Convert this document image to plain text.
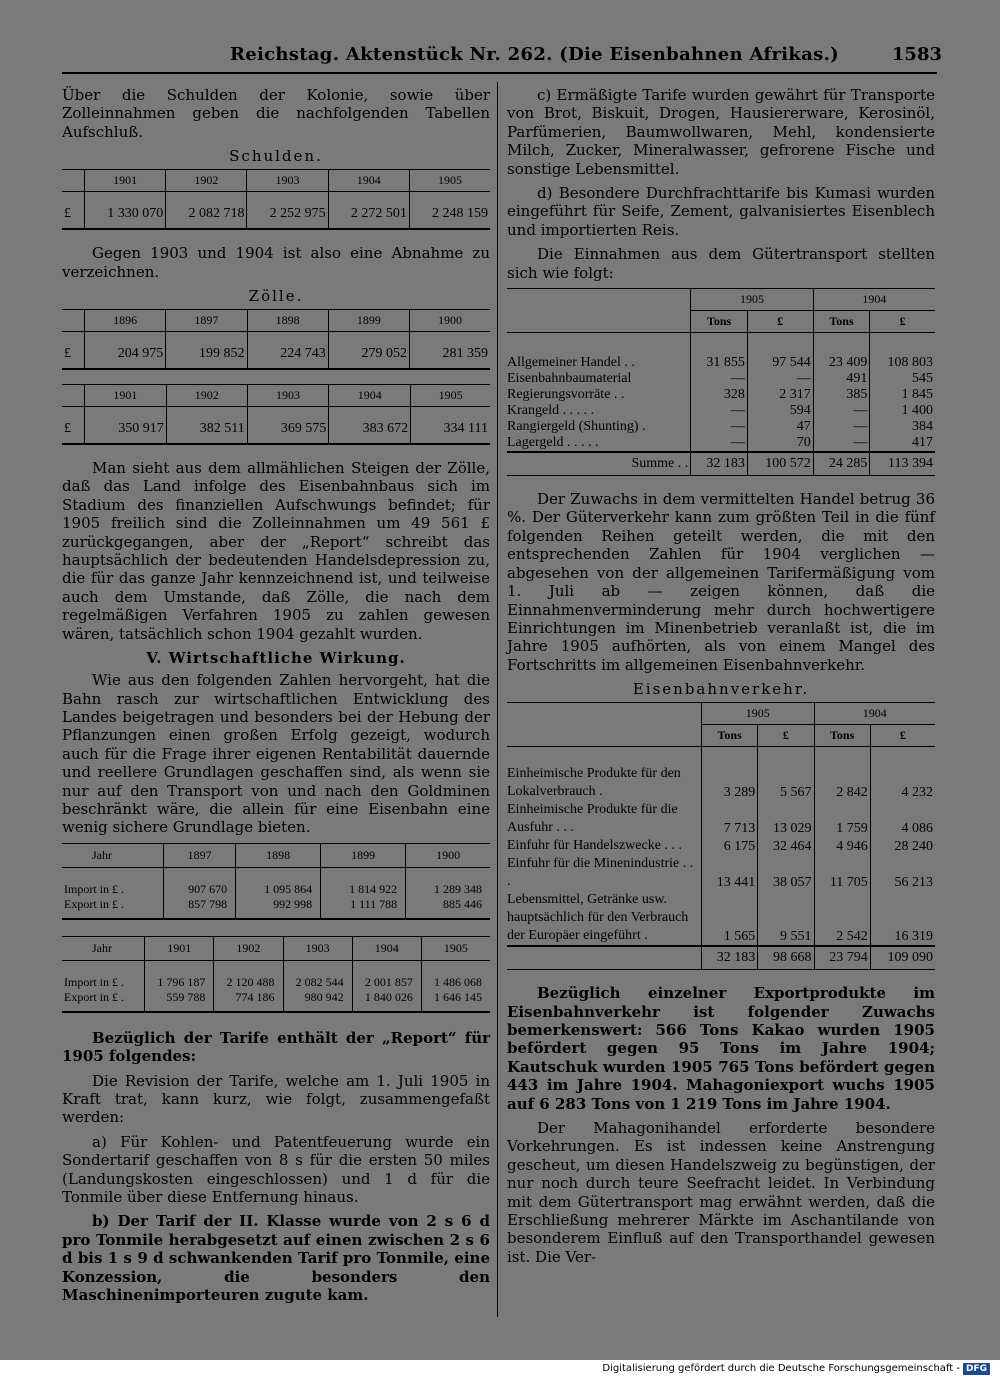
Reichstag. Aktenstück Nr. 262. (Die Eisenbahnen Afrikas.)	1583

Über die Schulden der Kolonie, sowie über Zolleinnahmen geben die nachfolgenden Tabellen Aufschluß.

Schulden.
	1901	1902	1903	1904	1905
£	1 330 070	2 082 718	2 252 975	2 272 501	2 248 159

Gegen 1903 und 1904 ist also eine Abnahme zu verzeichnen.

Zölle.
	1896	1897	1898	1899	1900
£	204 975	199 852	224 743	279 052	281 359
	1901	1902	1903	1904	1905
£	350 917	382 511	369 575	383 672	334 111

Man sieht aus dem allmählichen Steigen der Zölle, daß das Land infolge des Eisenbahnbaus sich im Stadium des finanziellen Aufschwungs befindet; für 1905 freilich sind die Zolleinnahmen um 49 561 £ zurückgegangen, aber der „Report“ schreibt das hauptsächlich der bedeutenden Handelsdepression zu, die für das ganze Jahr kennzeichnend ist, und teilweise auch dem Umstande, daß Zölle, die nach dem regelmäßigen Verfahren 1905 zu zahlen gewesen wären, tatsächlich schon 1904 gezahlt wurden.

V. Wirtschaftliche Wirkung.

Wie aus den folgenden Zahlen hervorgeht, hat die Bahn rasch zur wirtschaftlichen Entwicklung des Landes beigetragen und besonders bei der Hebung der Pflanzungen einen großen Erfolg gezeigt, wodurch auch für die Frage ihrer eigenen Rentabilität dauernde und reellere Grundlagen geschaffen sind, als wenn sie nur auf den Transport von und nach den Goldminen beschränkt wäre, die allein für eine Eisenbahn eine wenig sichere Grundlage bieten.

Jahr	1897	1898	1899	1900

Import in £ .	907 670	1 095 864	1 814 922	1 289 348
Export in £ .	857 798	992 998	1 111 788	885 446
Jahr	1901	1902	1903	1904	1905

Import in £ .	1 796 187	2 120 488	2 082 544	2 001 857	1 486 068
Export in £ .	559 788	774 186	980 942	1 840 026	1 646 145

Bezüglich der Tarife enthält der „Report“ für 1905 folgendes:

Die Revision der Tarife, welche am 1. Juli 1905 in Kraft trat, kann kurz, wie folgt, zusammengefaßt werden:

a) Für Kohlen- und Patentfeuerung wurde ein Sondertarif geschaffen von 8 s für die ersten 50 miles (Landungskosten eingeschlossen) und 1 d für die Tonmile über diese Entfernung hinaus.

b) Der Tarif der II. Klasse wurde von 2 s 6 d pro Tonmile herabgesetzt auf einen zwischen 2 s 6 d bis 1 s 9 d schwankenden Tarif pro Tonmile, eine Konzession, die besonders den Maschinenimporteuren zugute kam.

c) Ermäßigte Tarife wurden gewährt für Transporte von Brot, Biskuit, Drogen, Hausiererware, Kerosinöl, Parfümerien, Baumwollwaren, Mehl, kondensierte Milch, Zucker, Mineralwasser, gefrorene Fische und sonstige Lebensmittel.

d) Besondere Durchfrachttarife bis Kumasi wurden eingeführt für Seife, Zement, galvanisiertes Eisenblech und importierten Reis.

Die Einnahmen aus dem Gütertransport stellten sich wie folgt:

	1905		1904	
	Tons	£	Tons	£

Allgemeiner Handel . .	31 855	97 544	23 409	108 803
Eisenbahnbaumaterial	—	—	491	545
Regierungsvorräte . .	328	2 317	385	1 845
Krangeld . . . . .	—	594	—	1 400
Rangiergeld (Shunting) .	—	47	—	384
Lagergeld . . . . .	—	70	—	417
Summe . .	32 183	100 572	24 285	113 394

Der Zuwachs in dem vermittelten Handel betrug 36 %. Der Güterverkehr kann zum größten Teil in die fünf folgenden Reihen geteilt werden, die mit den entsprechenden Zahlen für 1904 verglichen — abgesehen von der allgemeinen Tarifermäßigung vom 1. Juli ab — zeigen können, daß die Einnahmenverminderung mehr durch hochwertigere Einrichtungen im Minenbetrieb veranlaßt ist, die im Jahre 1905 aufhörten, als von einem Mangel des Fortschritts im allgemeinen Eisenbahnverkehr.

Eisenbahnverkehr.
	1905		1904	
	Tons	£	Tons	£

Einheimische Produkte für den Lokalverbrauch .	3 289	5 567	2 842	4 232
Einheimische Produkte für die Ausfuhr . . .	7 713	13 029	1 759	4 086
Einfuhr für Handelszwecke . . .	6 175	32 464	4 946	28 240
Einfuhr für die Minenindustrie . . .	13 441	38 057	11 705	56 213
Lebensmittel, Getränke usw. hauptsächlich für den Verbrauch der Europäer eingeführt .	1 565	9 551	2 542	16 319
	32 183	98 668	23 794	109 090

Bezüglich einzelner Exportprodukte im Eisenbahnverkehr ist folgender Zuwachs bemerkenswert: 566 Tons Kakao wurden 1905 befördert gegen 95 Tons im Jahre 1904; Kautschuk wurden 1905 765 Tons befördert gegen 443 im Jahre 1904. Mahagoniexport wuchs 1905 auf 6 283 Tons von 1 219 Tons im Jahre 1904.

Der Mahagonihandel erforderte besondere Vorkehrungen. Es ist indessen keine Anstrengung gescheut, um diesen Handelszweig zu begünstigen, der nur noch durch teure Seefracht leidet. In Verbindung mit dem Gütertransport mag erwähnt werden, daß die Erschließung mehrerer Märkte im Aschantilande von besonderem Einfluß auf den Transporthandel gewesen ist. Die Ver-

Digitalisierung gefördert durch die Deutsche Forschungsgemeinschaft - DFG
